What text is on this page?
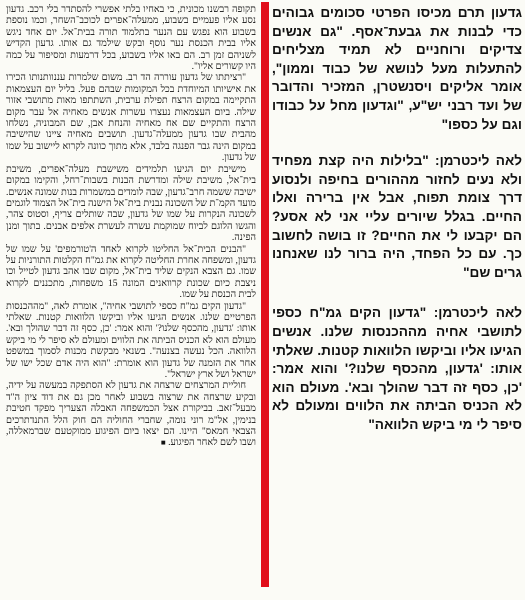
תקופה רבשנו מכונית, כי באחיו בלתי אפשרי להסתדר בלי רכב. גדעון נסע אליו פעמיים בשבוע, ממעלה־אפרים לכוכב־השחר, וכמו נוספת בשבוע הוא נפגש עם הנער בתלמוד תורה בבית־אל. יום אחד ניגש אליו בבית הכנסת נער נוסף ובקש שילמד גם אותו. גדעון הקדיש לשניהם זמן רב. הם באו אליו בשבוע, בכל דרמעות ומסיפור על כמה היו קשורים אליו".

"רציתתו של גדעון עוררה הד רב. משום שלמרות עננוותנותו הכירו את אישיותו המיוחדת בכל המקומות שבהם פעל. בליל יום העצמאות התקיימה במקום הרצח תפילת ערבית, השתתפו מאות מתושבי אזור שילה. ביום העצמאות נעצרו עשרות אנשים מאחיה אל עבר מקום הרצח והתקיים שם אח מאחיה והנחת אבן, שם המבוניה, נשלחו מהבית שבו גדעון ממעלה־גדעון. תושבים מאחיה ציינו שהישיבה במקום הינה גבר הפנגה בלבד, אלא מתוך כוונה לקרוא ליישוב על שמו של גדעון.

מישיבת יום הגיעו תלמידים משישבת מעלה־אפרים, משיבת בית־אל, משיבת שילה ומדרשת הבנות בשבות־רחל, והקימו במקום ישיבה ששמה חרב־גדעון, שבה לומדים במשמרות בנות שמונה אנשים. מועד הקמ־ת של השכונה נבנית בית־אל הישנה בית־אל הצמוד לוגמים לשכונה הנקרות על שמו של גדעון, שבה שותלים צריף, וסטוס צהר, והגשו הלוגם לביוח שמוקמת עשרה לעשרת אלפים אבנים. בתוך ומנן הפינה.

"הבנים הבית־אל החליטו לקרוא לאחד ה'טורמפים' על שמו של גדעון, ומשפחה אחרת החליטה לקרוא את גמ"ח הקלטות התורניות על שמו. גם הצבא הנקים שליד בית־אל, מקום שבו אהב גדעון לטייל וכו ניצבת כיום שכונת קרוואנים המונה 15 משפחות, מתכננים לקרוא לבית הכנסת על שמו.

"גדעון הקים גמ"ח כספי לתושבי אחיה", אומרת לאה, "מההכנסות הפרטיים שלנו. אנשים הגיעו אליו וביקשו הלוואות קטנות. שאלתי אותו: 'גדעון, מהכסף שלנו?' והוא אמר: 'כן, כסף זה דבר שהולך ובא'. מעולם הוא לא הכניס הביתה את הלווים ומעולם לא סיפר לי מי ביקש הלוואה. הכל נעשה בצנעה". בשנאי מבקשת מכנות לסמוך במשפט אחר את הזמנה של גדעון הוא אומרת: "הוא היה אדם שכל ישו של ישראל ושל ארץ ישראל".

חוליית המרצחים שרצחה את גדעון לא הסתפקה במעשה על ידיה, ובקיע שרצחה את שרצוה בשבוע לאחר מכן גם את דוד ציון ה"ד מבעל־זאב. בביקורת אצל הכמשפחה האבלה הצעריך מפקד חטיבת בנימין, אל"מ רוני נומה, שחברי החוליה הם חוק הלל התנדתרכים הצבאי חמאס" היינו. הם יצאו ביום הפיגוע ממוקטעם שברמאללה, ושבו לשם לאחר הפיגוע. ■

גדעון תרם מכיסו הפרטי סכומים גבוהים כדי לבנות את גבעת־אסף. "גם אנשים צדיקים ורוחניים לא תמיד מצליחים להתעלות מעל לנושא של כבוד וממון", אומר אליקים ויסנשטרן, המזכיר והדובר של ועד רבני יש"ע, "וגדעון מחל על כבודו וגם על כספו"

לאה ליכטרמן: "בלילות היה קצת מפחיד ולא נעים לחזור מההורים בחיפה ולנסוע דרך צומת תפוח, אבל אין ברירה ואלו החיים. בגלל שיורים עליי אני לא אסע? הם יקבעו לי את החיים? זו בושה לחשוב כך. עם כל הפחד, היה ברור לנו שאנחנו גרים שם"

לאה ליכטרמן: "גדעון הקים גמ"ח כספי לתושבי אחיה מההכנסות שלנו. אנשים הגיעו אליו וביקשו הלוואות קטנות. שאלתי אותו: 'גדעון, מהכסף שלנו?' והוא אמר: 'כן, כסף זה דבר שהולך ובא'. מעולם הוא לא הכניס הביתה את הלווים ומעולם לא סיפר לי מי ביקש הלוואה"
